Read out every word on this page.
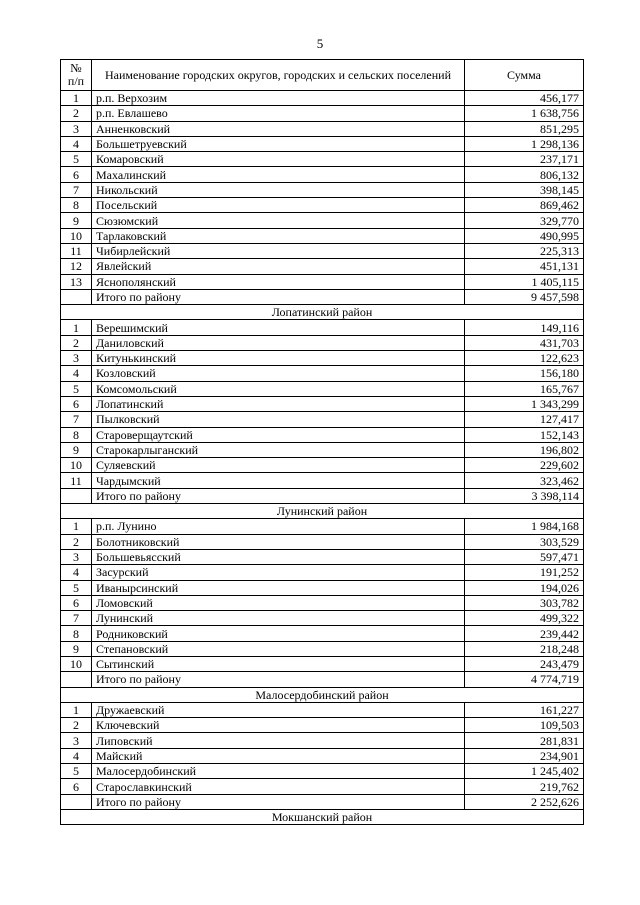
5
№ п/п	Наименование городских округов, городских и сельских поселений	Сумма
1	р.п. Верхозим	456,177
2	р.п. Евлашево	1 638,756
3	Анненковский	851,295
4	Большетруевский	1 298,136
5	Комаровский	237,171
6	Махалинский	806,132
7	Никольский	398,145
8	Посельский	869,462
9	Сюзюмский	329,770
10	Тарлаковский	490,995
11	Чибирлейский	225,313
12	Явлейский	451,131
13	Яснополянский	1 405,115
	Итого по району	9 457,598
Лопатинский район		
1	Верешимский	149,116
2	Даниловский	431,703
3	Китунькинский	122,623
4	Козловский	156,180
5	Комсомольский	165,767
6	Лопатинский	1 343,299
7	Пылковский	127,417
8	Староверщаутский	152,143
9	Старокарлыганский	196,802
10	Суляевский	229,602
11	Чардымский	323,462
	Итого по району	3 398,114
Лунинский район		
1	р.п. Лунино	1 984,168
2	Болотниковский	303,529
3	Большевьясский	597,471
4	Засурский	191,252
5	Иванырсинский	194,026
6	Ломовский	303,782
7	Лунинский	499,322
8	Родниковский	239,442
9	Степановский	218,248
10	Сытинский	243,479
	Итого по району	4 774,719
Малосердобинский район		
1	Дружаевский	161,227
2	Ключевский	109,503
3	Липовский	281,831
4	Майский	234,901
5	Малосердобинский	1 245,402
6	Старославкинский	219,762
	Итого по району	2 252,626
Мокшанский район		
